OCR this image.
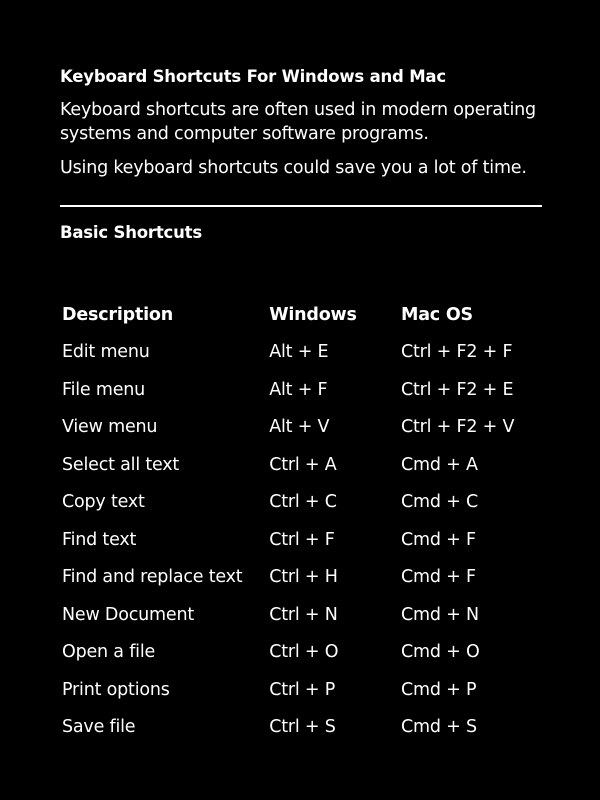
Keyboard Shortcuts For Windows and Mac

Keyboard shortcuts are often used in modern operating systems and computer software programs.

Using keyboard shortcuts could save you a lot of time.

Basic Shortcuts
Description	Windows	Mac OS
Edit menu	Alt + E	Ctrl + F2 + F
File menu	Alt + F	Ctrl + F2 + E
View menu	Alt + V	Ctrl + F2 + V
Select all text	Ctrl + A	Cmd + A
Copy text	Ctrl + C	Cmd + C
Find text	Ctrl + F	Cmd + F
Find and replace text	Ctrl + H	Cmd + F
New Document	Ctrl + N	Cmd + N
Open a file	Ctrl + O	Cmd + O
Print options	Ctrl + P	Cmd + P
Save file	Ctrl + S	Cmd + S
